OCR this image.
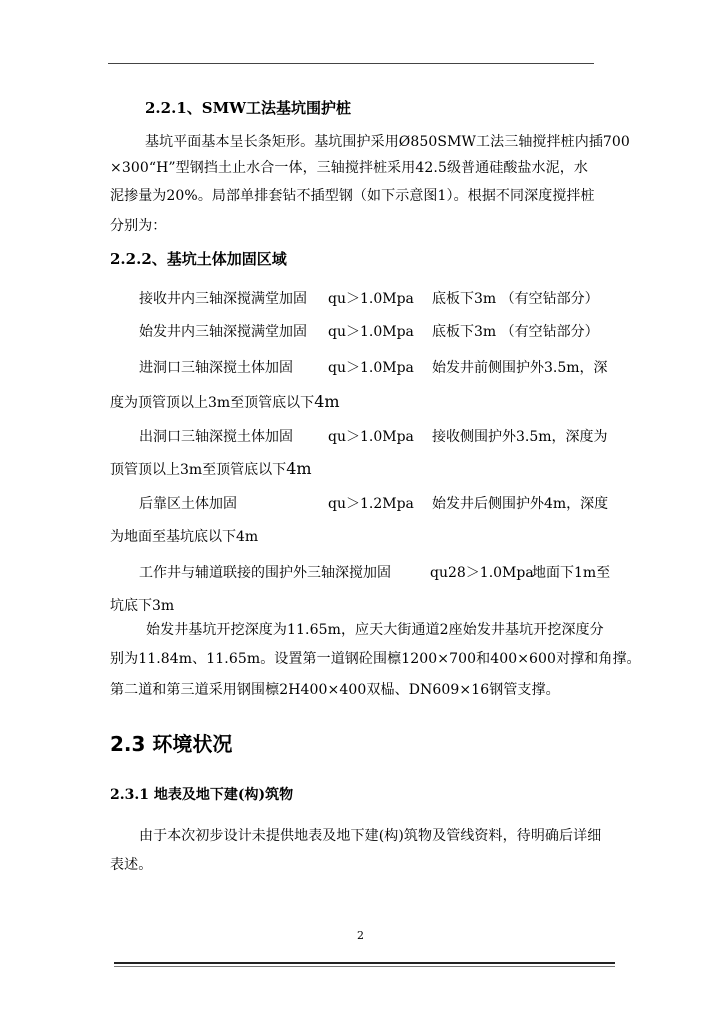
2.2.1、SMW工法基坑围护桩
基坑平面基本呈长条矩形。基坑围护采用Ø850SMW工法三轴搅拌桩内插700
×300“H”型钢挡土止水合一体，三轴搅拌桩采用42.5级普通硅酸盐水泥，水
泥掺量为20%。局部单排套钻不插型钢（如下示意图1）。根据不同深度搅拌桩
分别为：
2.2.2、基坑土体加固区域
接收井内三轴深搅满堂加固 qu＞1.0Mpa 底板下3m （有空钻部分）
始发井内三轴深搅满堂加固 qu＞1.0Mpa 底板下3m （有空钻部分）
进洞口三轴深搅土体加固	qu＞1.0Mpa 始发井前侧围护外3.5m，深
度为顶管顶以上3m至顶管底以下4m
出洞口三轴深搅土体加固	qu＞1.0Mpa 接收侧围护外3.5m，深度为
顶管顶以上3m至顶管底以下4m
后靠区土体加固	qu＞1.2Mpa 始发井后侧围护外4m，深度
为地面至基坑底以下4m
工作井与辅道联接的围护外三轴深搅加固	qu28＞1.0Mpa
地面下1m至
坑底下3m
始发井基坑开挖深度为11.65m，应天大街通道2座始发井基坑开挖深度分
别为11.84m、11.65m。设置第一道钢砼围檩1200×700和400×600对撑和角撑。
第二道和第三道采用钢围檩2H400×400双榀、DN609×16钢管支撑。
2.3 环境状况
2.3.1 地表及地下建(构)筑物
由于本次初步设计未提供地表及地下建(构)筑物及管线资料，待明确后详细
表述。
2
